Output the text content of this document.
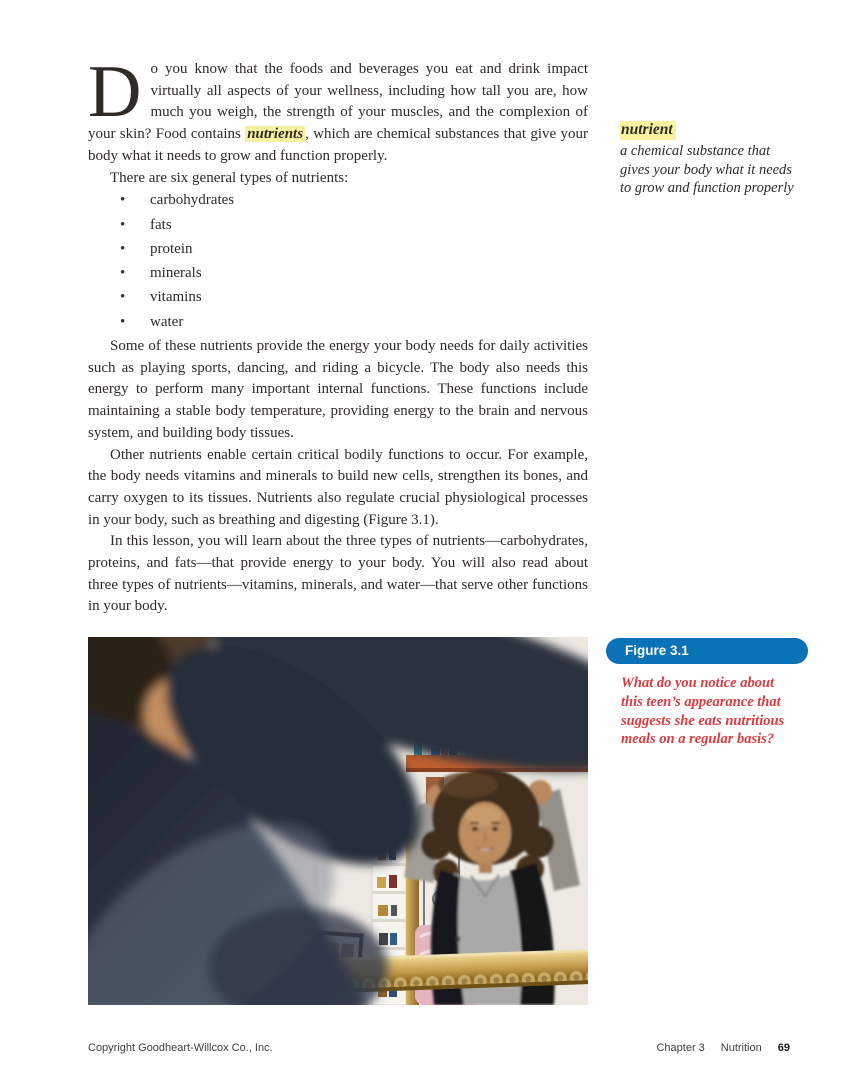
Do you know that the foods and beverages you eat and drink impact virtually all aspects of your wellness, including how tall you are, how much you weigh, the strength of your muscles, and the complexion of your skin? Food contains nutrients , which are chemical substances that give your body what it needs to grow and function properly.

There are six general types of nutrients:

• carbohydrates
• fats
• protein
• minerals
• vitamins
• water

Some of these nutrients provide the energy your body needs for daily activities such as playing sports, dancing, and riding a bicycle. The body also needs this energy to perform many important internal functions. These functions include maintaining a stable body temperature, providing energy to the brain and nervous system, and building body tissues.

Other nutrients enable certain critical bodily functions to occur. For example, the body needs vitamins and minerals to build new cells, strengthen its bones, and carry oxygen to its tissues. Nutrients also regulate crucial physiological processes in your body, such as breathing and digesting (Figure 3.1).

In this lesson, you will learn about the three types of nutrients—carbohydrates, proteins, and fats—that provide energy to your body. You will also read about three types of nutrients—vitamins, minerals, and water—that serve other functions in your body.

nutrient
a chemical substance that gives your body what it needs to grow and function properly
Figure 3.1
What do you notice about this teen’s appearance that suggests she eats nutritious meals on a regular basis?
Copyright Goodheart-Willcox Co., Inc.	Chapter 3 Nutrition 69
